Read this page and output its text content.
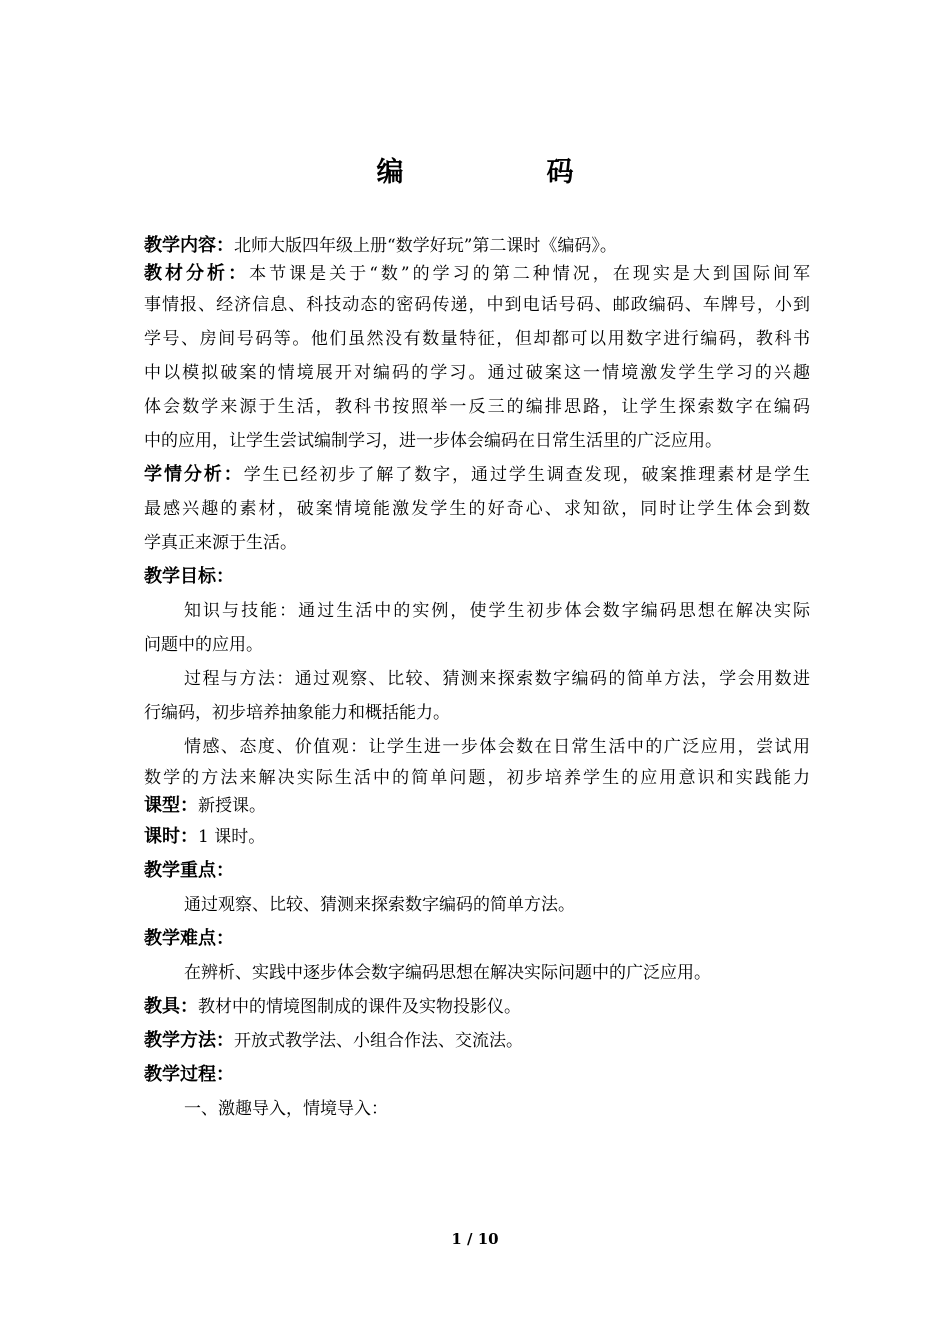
编　码
教学内容：北师大版四年级上册“数学好玩”第二课时《编码》。
教材分析：本节课是关于“数”的学习的第二种情况，在现实是大到国际间军
事情报、经济信息、科技动态的密码传递，中到电话号码、邮政编码、车牌号，小到
学号、房间号码等。他们虽然没有数量特征，但却都可以用数字进行编码，教科书
中以模拟破案的情境展开对编码的学习。通过破案这一情境激发学生学习的兴趣
体会数学来源于生活，教科书按照举一反三的编排思路，让学生探索数字在编码
中的应用，让学生尝试编制学习，进一步体会编码在日常生活里的广泛应用。
学情分析：学生已经初步了解了数字，通过学生调查发现，破案推理素材是学生
最感兴趣的素材，破案情境能激发学生的好奇心、求知欲，同时让学生体会到数
学真正来源于生活。
教学目标：
知识与技能：通过生活中的实例，使学生初步体会数字编码思想在解决实际
问题中的应用。
过程与方法：通过观察、比较、猜测来探索数字编码的简单方法，学会用数进
行编码，初步培养抽象能力和概括能力。
情感、态度、价值观：让学生进一步体会数在日常生活中的广泛应用，尝试用
数学的方法来解决实际生活中的简单问题，初步培养学生的应用意识和实践能力
课型：新授课。
课时：1 课时。
教学重点：
通过观察、比较、猜测来探索数字编码的简单方法。
教学难点：
在辨析、实践中逐步体会数字编码思想在解决实际问题中的广泛应用。
教具：教材中的情境图制成的课件及实物投影仪。
教学方法：开放式教学法、小组合作法、交流法。
教学过程：
一、激趣导入，情境导入：
1 / 10
